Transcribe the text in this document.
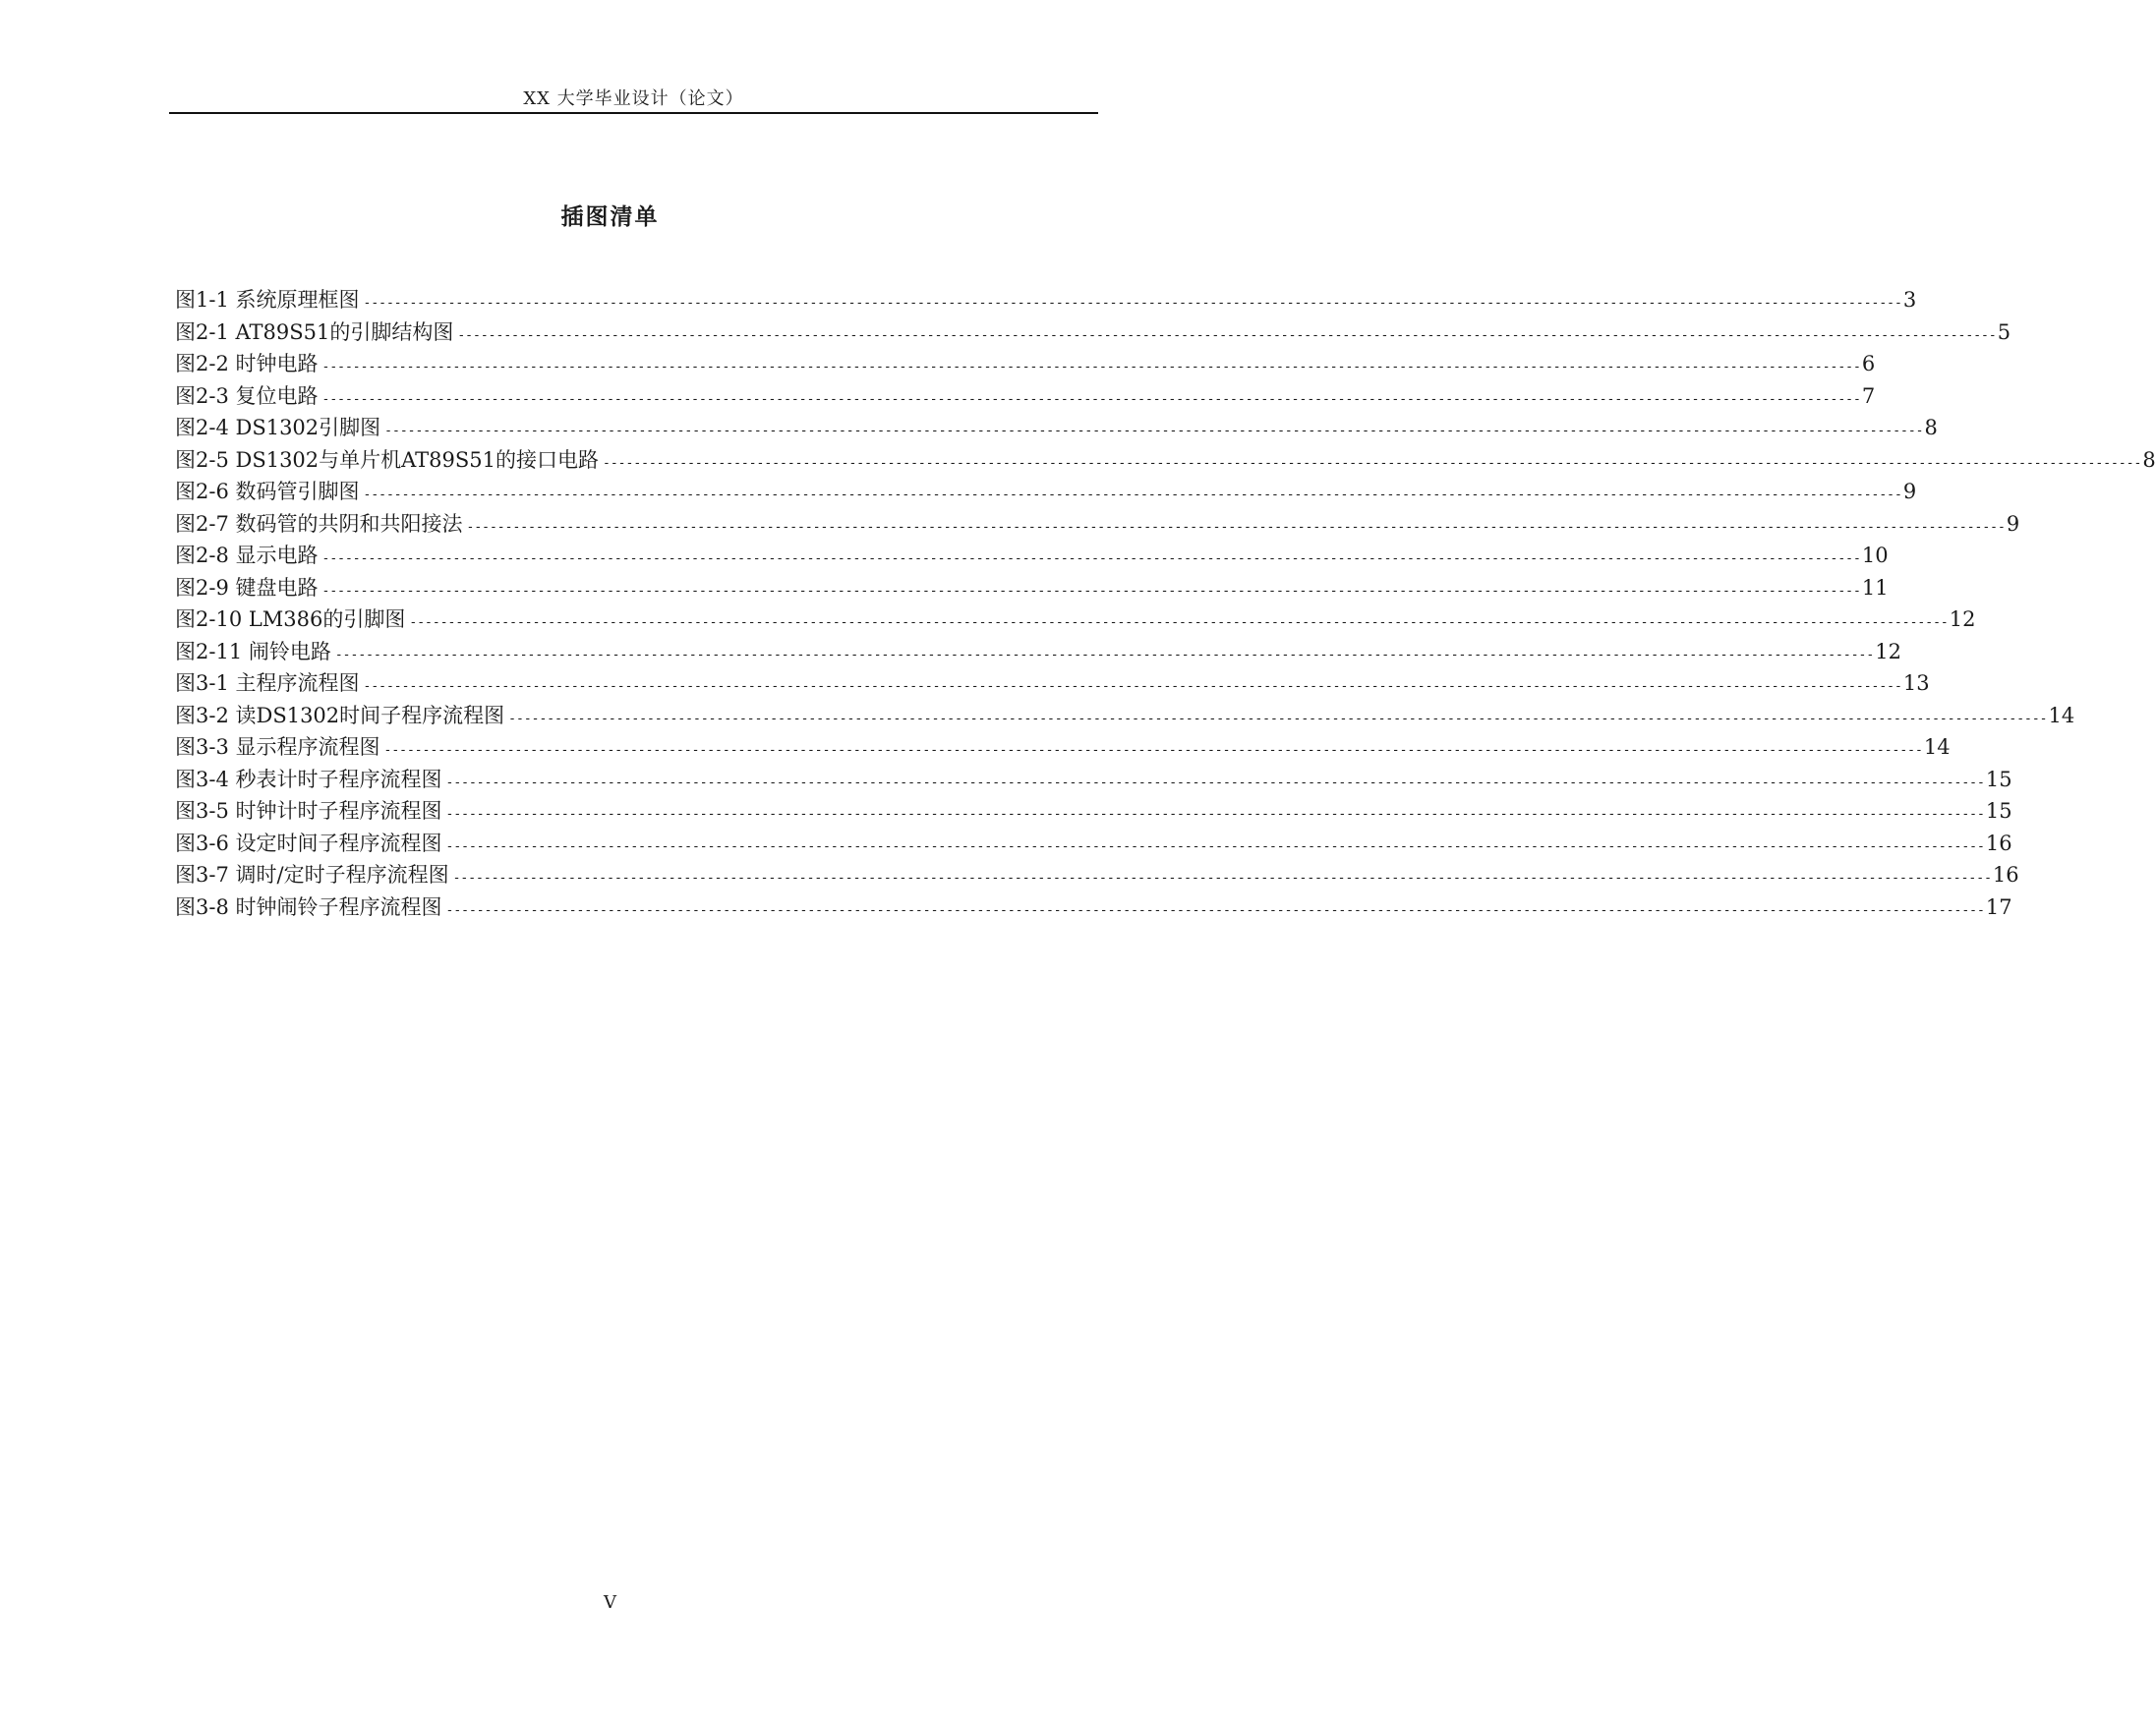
XX 大学毕业设计（论文）
插图清单
图1-1 系统原理框图 -------------------------------------------------------------------------------------------------------------------------------------------------------------------------------------------------------- 3
图2-1 AT89S51的引脚结构图 -------------------------------------------------------------------------------------------------------------------------------------------------------------------------------------------------------- 5
图2-2 时钟电路 -------------------------------------------------------------------------------------------------------------------------------------------------------------------------------------------------------- 6
图2-3 复位电路 -------------------------------------------------------------------------------------------------------------------------------------------------------------------------------------------------------- 7
图2-4 DS1302引脚图 -------------------------------------------------------------------------------------------------------------------------------------------------------------------------------------------------------- 8
图2-5 DS1302与单片机AT89S51的接口电路 -------------------------------------------------------------------------------------------------------------------------------------------------------------------------------------------------------- 8
图2-6 数码管引脚图 -------------------------------------------------------------------------------------------------------------------------------------------------------------------------------------------------------- 9
图2-7 数码管的共阴和共阳接法 -------------------------------------------------------------------------------------------------------------------------------------------------------------------------------------------------------- 9
图2-8 显示电路 -------------------------------------------------------------------------------------------------------------------------------------------------------------------------------------------------------- 10
图2-9 键盘电路 -------------------------------------------------------------------------------------------------------------------------------------------------------------------------------------------------------- 11
图2-10 LM386的引脚图 -------------------------------------------------------------------------------------------------------------------------------------------------------------------------------------------------------- 12
图2-11 闹铃电路 -------------------------------------------------------------------------------------------------------------------------------------------------------------------------------------------------------- 12
图3-1 主程序流程图 -------------------------------------------------------------------------------------------------------------------------------------------------------------------------------------------------------- 13
图3-2 读DS1302时间子程序流程图 -------------------------------------------------------------------------------------------------------------------------------------------------------------------------------------------------------- 14
图3-3 显示程序流程图 -------------------------------------------------------------------------------------------------------------------------------------------------------------------------------------------------------- 14
图3-4 秒表计时子程序流程图 -------------------------------------------------------------------------------------------------------------------------------------------------------------------------------------------------------- 15
图3-5 时钟计时子程序流程图 -------------------------------------------------------------------------------------------------------------------------------------------------------------------------------------------------------- 15
图3-6 设定时间子程序流程图 -------------------------------------------------------------------------------------------------------------------------------------------------------------------------------------------------------- 16
图3-7 调时/定时子程序流程图 -------------------------------------------------------------------------------------------------------------------------------------------------------------------------------------------------------- 16
图3-8 时钟闹铃子程序流程图 -------------------------------------------------------------------------------------------------------------------------------------------------------------------------------------------------------- 17
V
